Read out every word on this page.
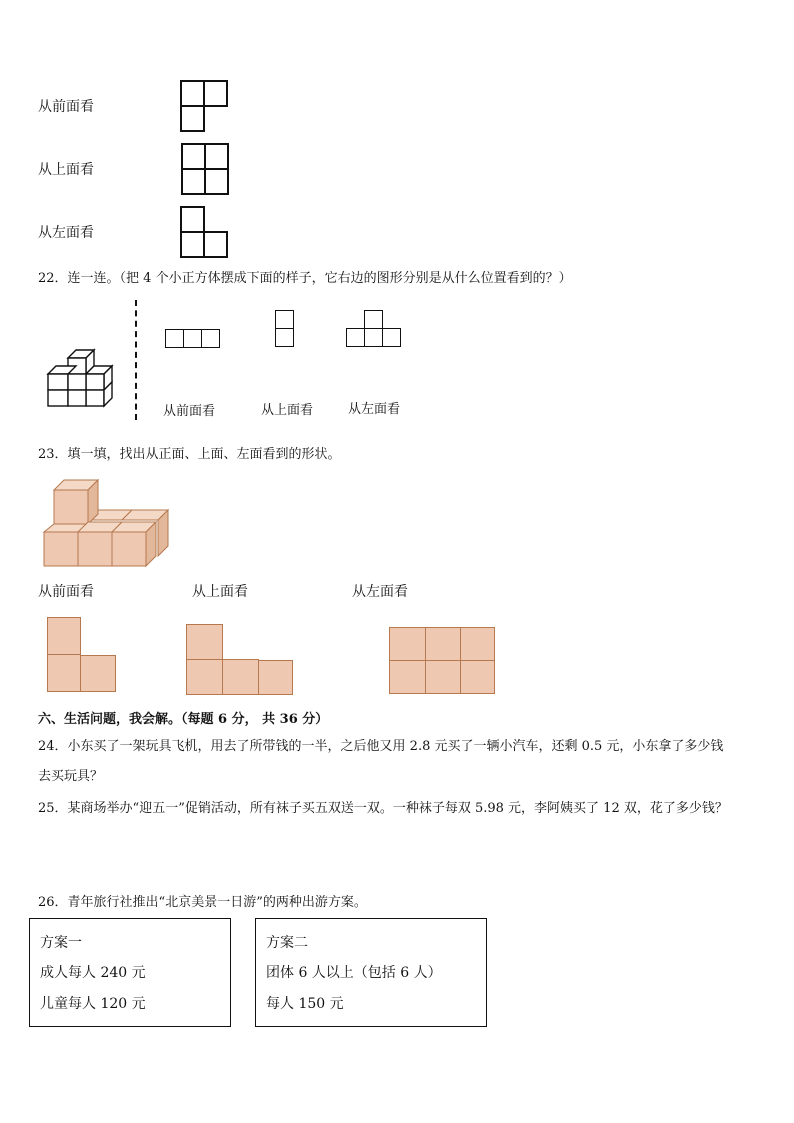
从前面看
从上面看
从左面看
22．连一连。（把 4 个小正方体摆成下面的样子，它右边的图形分别是从什么位置看到的？）
从前面看	从上面看	从左面看
23．填一填，找出从正面、上面、左面看到的形状。
从前面看	从上面看	从左面看
六、生活问题，我会解。（每题 6 分， 共 36 分）
24．小东买了一架玩具飞机，用去了所带钱的一半，之后他又用 2.8 元买了一辆小汽车，还剩 0.5 元，小东拿了多少钱
去买玩具？
25．某商场举办“迎五一”促销活动，所有袜子买五双送一双。一种袜子每双 5.98 元，李阿姨买了 12 双，花了多少钱？
26．青年旅行社推出“北京美景一日游”的两种出游方案。
方案一
成人每人 240 元
儿童每人 120 元
方案二
团体 6 人以上（包括 6 人）
每人 150 元
